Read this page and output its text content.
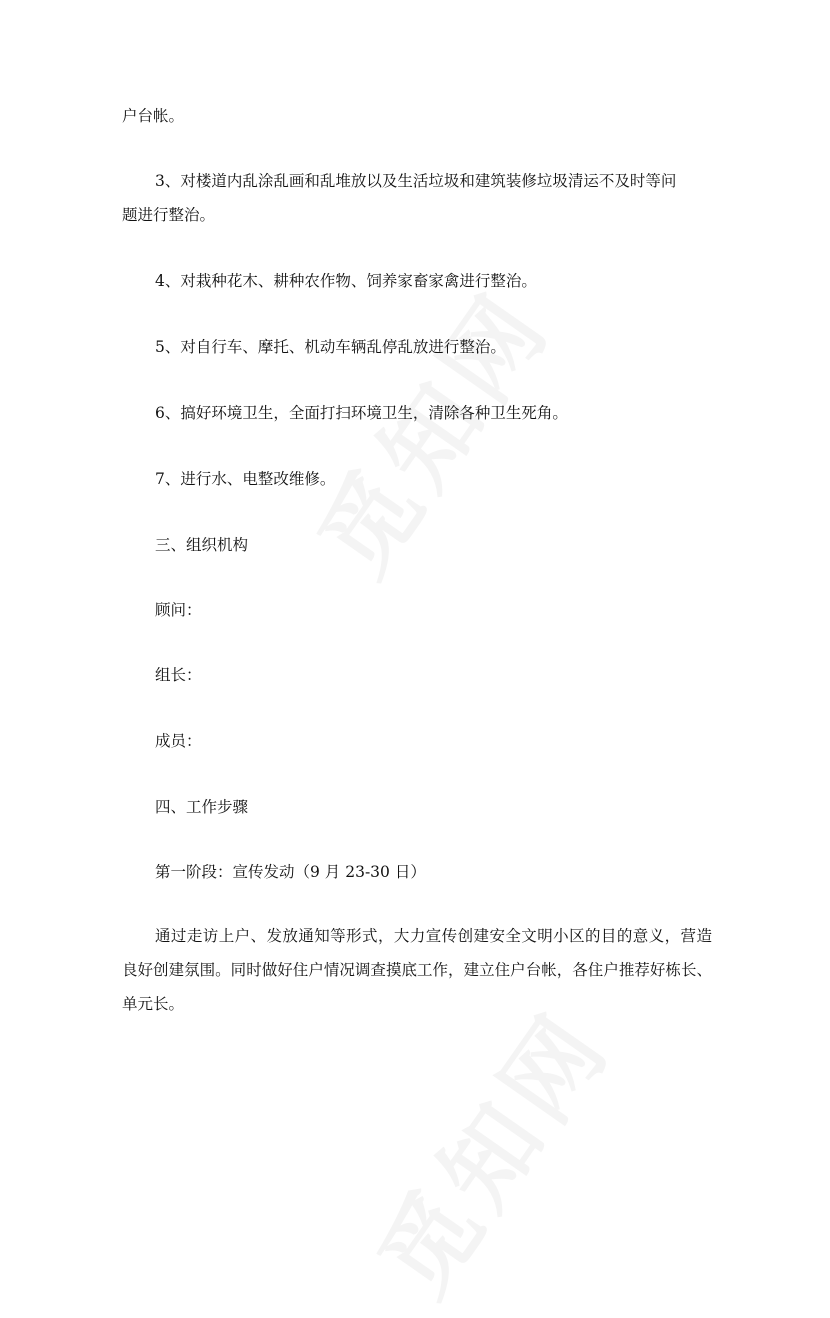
户台帐。
3、对楼道内乱涂乱画和乱堆放以及生活垃圾和建筑装修垃圾清运不及时等问
题进行整治。
4、对栽种花木、耕种农作物、饲养家畜家禽进行整治。
5、对自行车、摩托、机动车辆乱停乱放进行整治。
6、搞好环境卫生，全面打扫环境卫生，清除各种卫生死角。
7、进行水、电整改维修。
三、组织机构
顾问：
组长：
成员：
四、工作步骤
第一阶段：宣传发动（9 月 23-30 日）
通过走访上户、发放通知等形式，大力宣传创建安全文明小区的目的意义，营造良好创建氛围。同时做好住户情况调查摸底工作，建立住户台帐，各住户推荐好栋长、 单元长。
